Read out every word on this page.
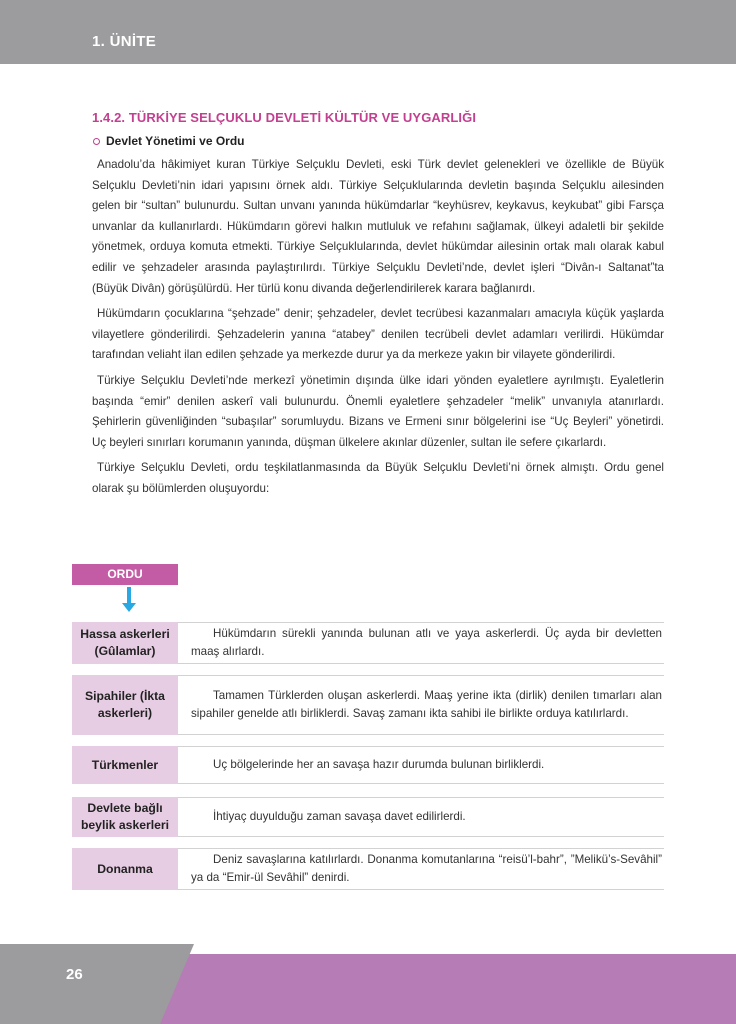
1. ÜNİTE
1.4.2. TÜRKİYE SELÇUKLU DEVLETİ KÜLTÜR VE UYGARLIĞI
Devlet Yönetimi ve Ordu

Anadolu’da hâkimiyet kuran Türkiye Selçuklu Devleti, eski Türk devlet gelenekleri ve özellikle de Büyük Selçuklu Devleti’nin idari yapısını örnek aldı. Türkiye Selçuklularında devletin başında Selçuklu ailesinden gelen bir “sultan” bulunurdu. Sultan unvanı yanında hükümdarlar “keyhüsrev, keykavus, keykubat” gibi Farsça unvanlar da kullanırlardı. Hükümdarın görevi halkın mutluluk ve refahını sağlamak, ülkeyi adaletli bir şekilde yönetmek, orduya komuta etmekti. Türkiye Selçuklularında, devlet hükümdar ailesinin ortak malı olarak kabul edilir ve şehzadeler arasında paylaştırılırdı. Türkiye Selçuklu Devleti’nde, devlet işleri “Divân-ı Saltanat”ta (Büyük Divân) görüşülürdü. Her türlü konu divanda değerlendirilerek karara bağlanırdı.

Hükümdarın çocuklarına “şehzade” denir; şehzadeler, devlet tecrübesi kazanmaları amacıyla küçük yaşlarda vilayetlere gönderilirdi. Şehzadelerin yanına “atabey” denilen tecrübeli devlet adamları verilirdi. Hükümdar tarafından veliaht ilan edilen şehzade ya merkezde durur ya da merkeze yakın bir vilayete gönderilirdi.

Türkiye Selçuklu Devleti’nde merkezî yönetimin dışında ülke idari yönden eyaletlere ayrılmıştı. Eyaletlerin başında “emir” denilen askerî vali bulunurdu. Önemli eyaletlere şehzadeler “melik” unvanıyla atanırlardı. Şehirlerin güvenliğinden “subaşılar” sorumluydu. Bizans ve Ermeni sınır bölgelerini ise “Uç Beyleri” yönetirdi. Uç beyleri sınırları korumanın yanında, düşman ülkelere akınlar düzenler, sultan ile sefere çıkarlardı.

Türkiye Selçuklu Devleti, ordu teşkilatlanmasında da Büyük Selçuklu Devleti’ni örnek almıştı. Ordu genel olarak şu bölümlerden oluşuyordu:

ORDU
Hassa askerleri (Gûlamlar)
Hükümdarın sürekli yanında bulunan atlı ve yaya askerlerdi. Üç ayda bir devletten maaş alırlardı.
Sipahiler (İkta askerleri)
Tamamen Türklerden oluşan askerlerdi. Maaş yerine ikta (dirlik) denilen tımarları alan sipahiler genelde atlı birliklerdi. Savaş zamanı ikta sahibi ile birlikte orduya katılırlardı.
Türkmenler	Uç bölgelerinde her an savaşa hazır durumda bulunan birliklerdi.
Devlete bağlı beylik askerleri
İhtiyaç duyulduğu zaman savaşa davet edilirlerdi.
Donanma
Deniz savaşlarına katılırlardı. Donanma komutanlarına “reisü’l-bahr”, ”Melikü’s-Sevâhil” ya da “Emir-ül Sevâhil” denirdi.
26
